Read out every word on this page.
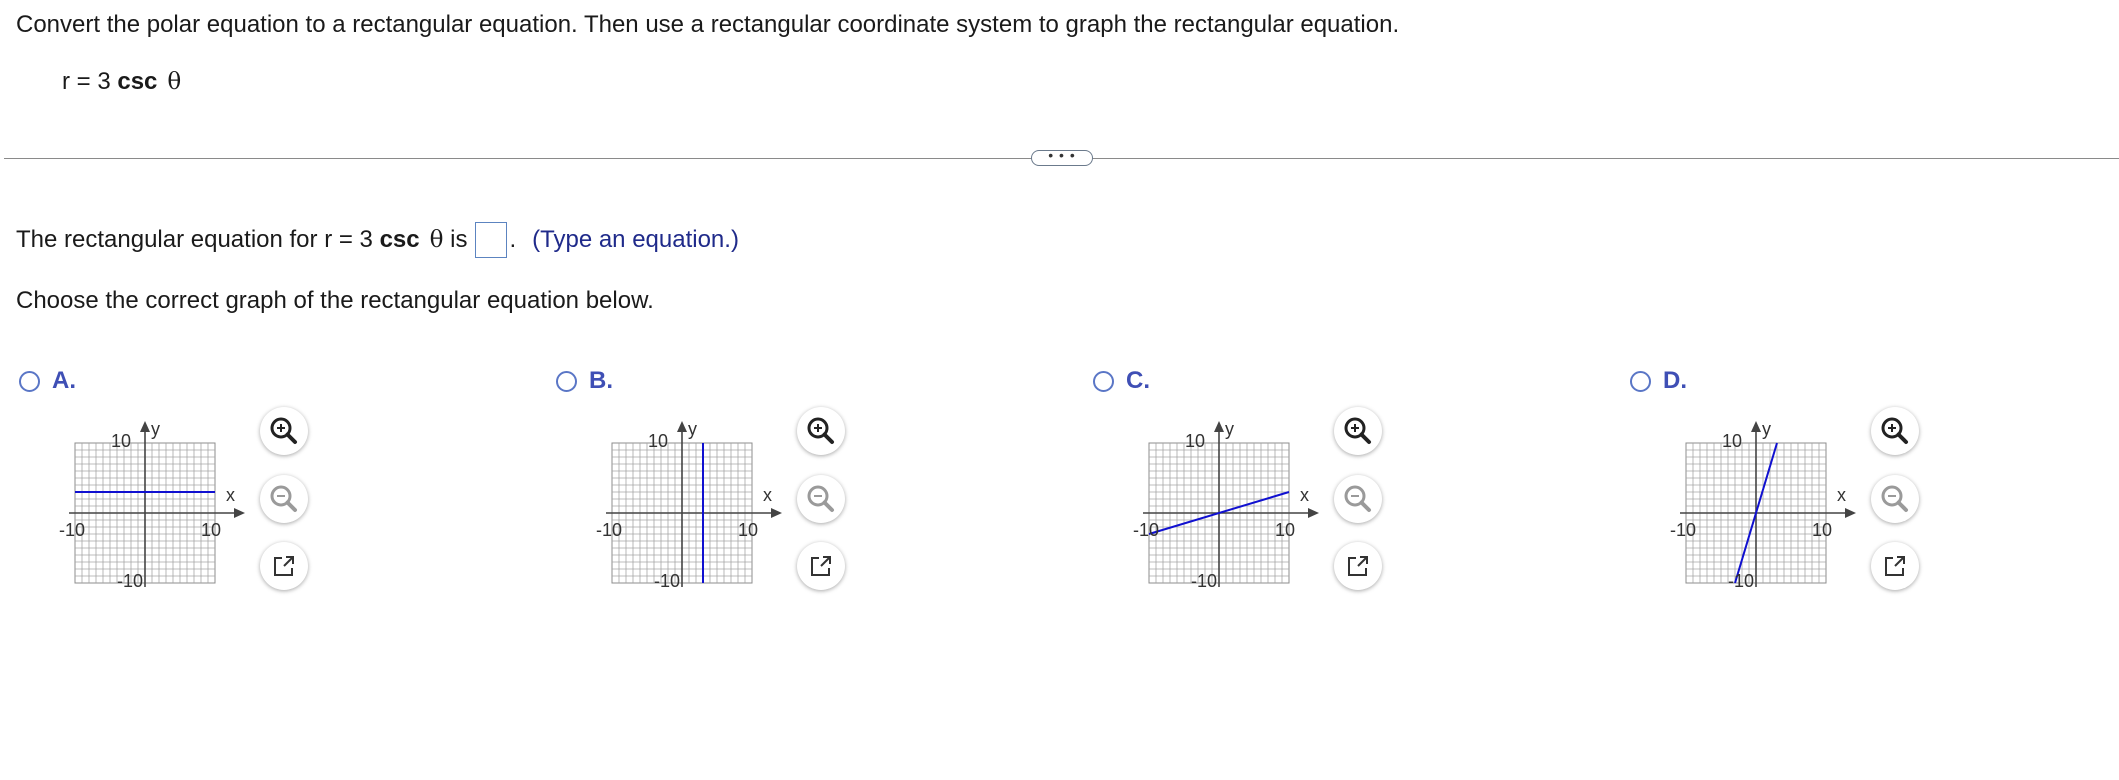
Convert the polar equation to a rectangular equation. Then use a rectangular coordinate system to graph the rectangular equation.
r = 3 csc θ
• • •
The rectangular equation for r = 3 csc θ is . (Type an equation.)
Choose the correct graph of the rectangular equation below.
A.
y
x
10
-10
10
-10
B.
y
x
10
-10
10
-10
C.
y
x
10
-10
10
-10
D.
y
x
10
-10
10
-10
